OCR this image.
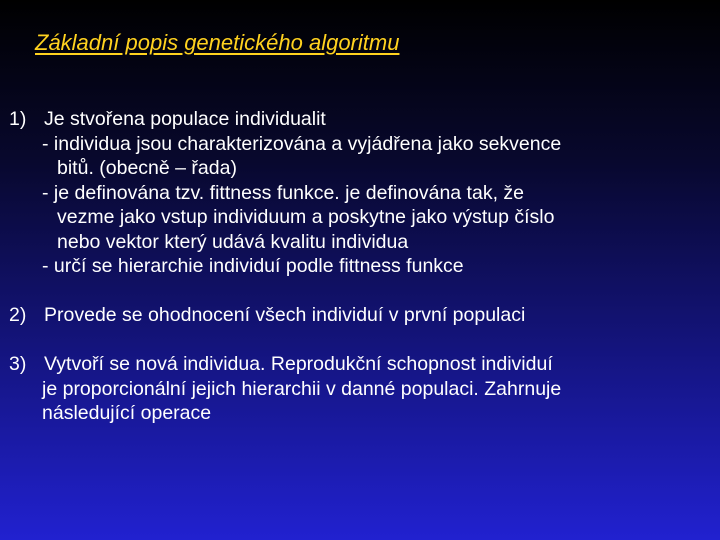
Základní popis genetického algoritmu
1) Je stvořena populace individualit
- individua jsou charakterizována a vyjádřena jako sekvence
bitů. (obecně – řada)
- je definována tzv. fittness funkce. je definována tak, že
vezme jako vstup individuum a poskytne jako výstup číslo
nebo vektor který udává kvalitu individua
- určí se hierarchie individuí podle fittness funkce
2) Provede se ohodnocení všech individuí v první populaci
3) Vytvoří se nová individua. Reprodukční schopnost individuí
je proporcionální jejich hierarchii v danné populaci. Zahrnuje
následující operace
